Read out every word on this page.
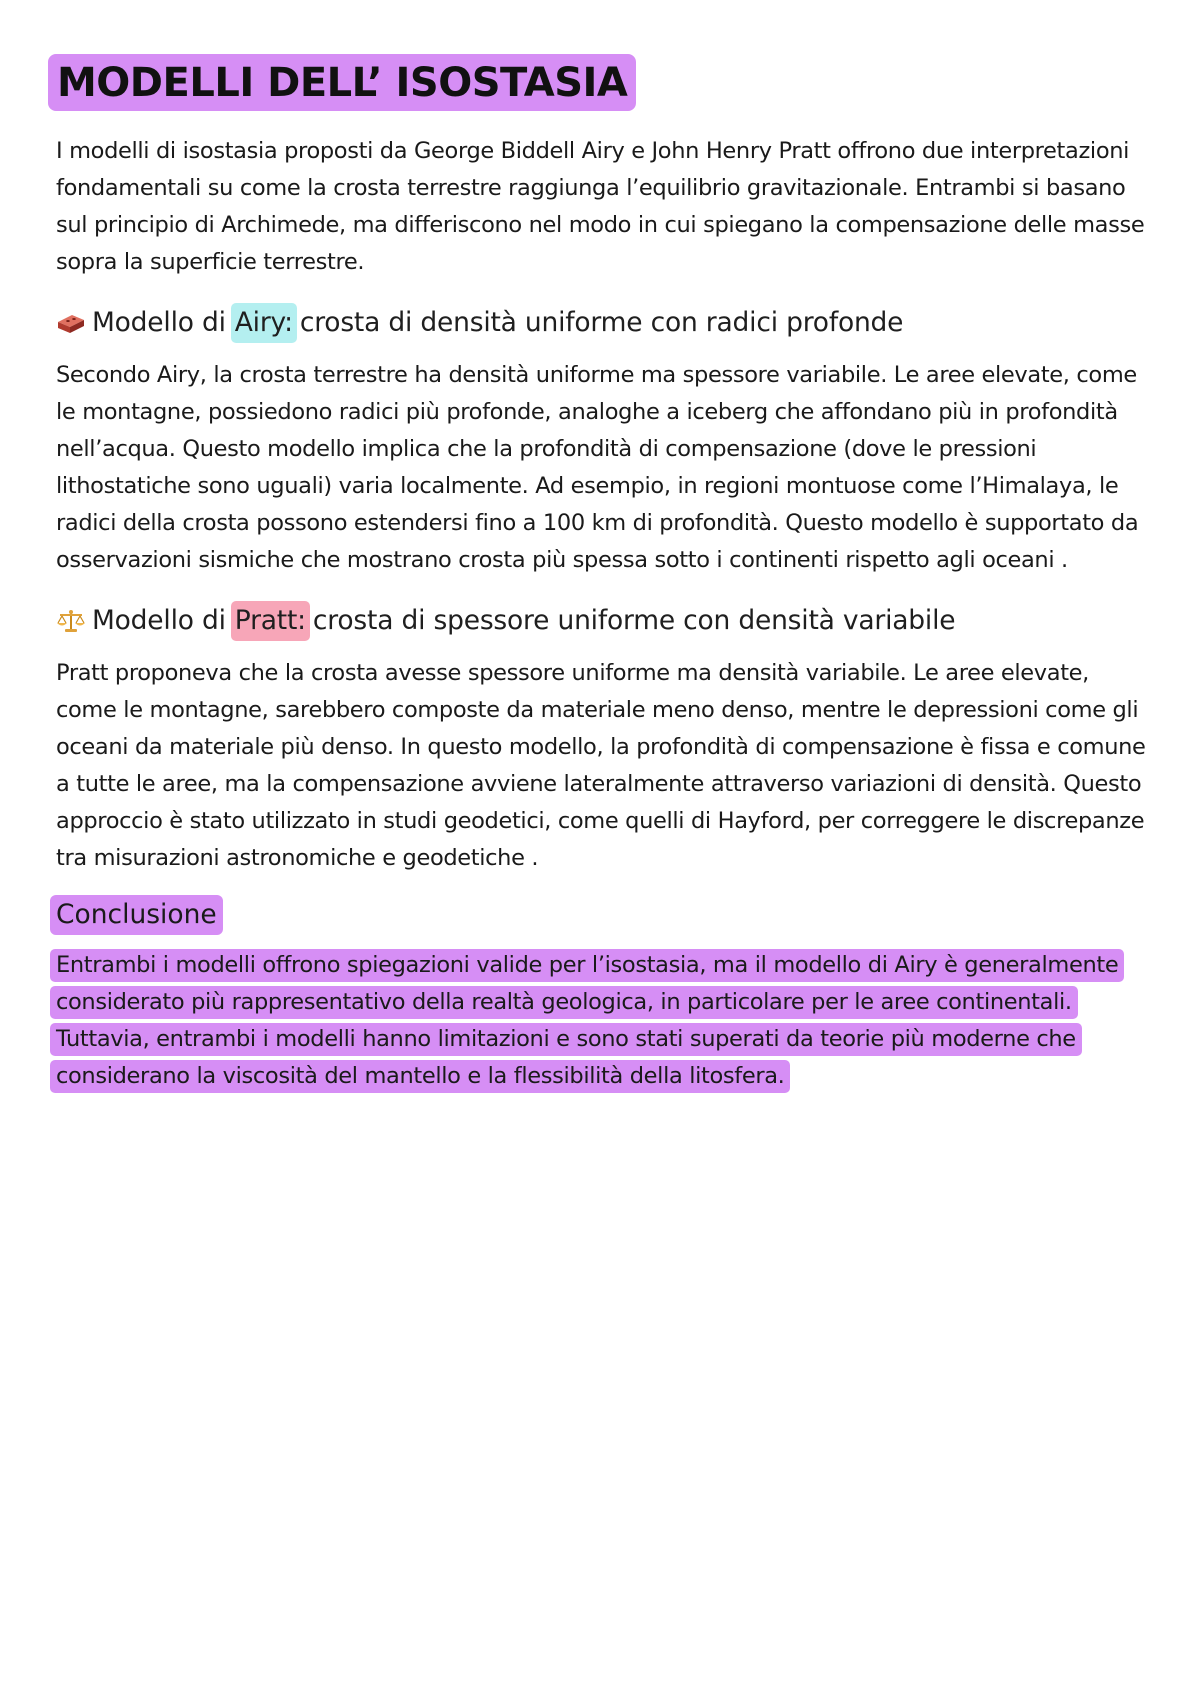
MODELLI DELL’ ISOSTASIA

I modelli di isostasia proposti da George Biddell Airy e John Henry Pratt offrono due interpretazioni fondamentali su come la crosta terrestre raggiunga l’equilibrio gravitazionale. Entrambi si basano sul principio di Archimede, ma differiscono nel modo in cui spiegano la compensazione delle masse sopra la superficie terrestre.

Modello di Airy: crosta di densità uniforme con radici profonde

Secondo Airy, la crosta terrestre ha densità uniforme ma spessore variabile. Le aree elevate, come le montagne, possiedono radici più profonde, analoghe a iceberg che affondano più in profondità nell’acqua. Questo modello implica che la profondità di compensazione (dove le pressioni lithostatiche sono uguali) varia localmente. Ad esempio, in regioni montuose come l’Himalaya, le radici della crosta possono estendersi fino a 100 km di profondità. Questo modello è supportato da osservazioni sismiche che mostrano crosta più spessa sotto i continenti rispetto agli oceani .

Modello di Pratt: crosta di spessore uniforme con densità variabile

Pratt proponeva che la crosta avesse spessore uniforme ma densità variabile. Le aree elevate, come le montagne, sarebbero composte da materiale meno denso, mentre le depressioni come gli oceani da materiale più denso. In questo modello, la profondità di compensazione è fissa e comune a tutte le aree, ma la compensazione avviene lateralmente attraverso variazioni di densità. Questo approccio è stato utilizzato in studi geodetici, come quelli di Hayford, per correggere le discrepanze tra misurazioni astronomiche e geodetiche .

Conclusione
Entrambi i modelli offrono spiegazioni valide per l’isostasia, ma il modello di Airy è generalmente
considerato più rappresentativo della realtà geologica, in particolare per le aree continentali.
Tuttavia, entrambi i modelli hanno limitazioni e sono stati superati da teorie più moderne che
considerano la viscosità del mantello e la flessibilità della litosfera.
